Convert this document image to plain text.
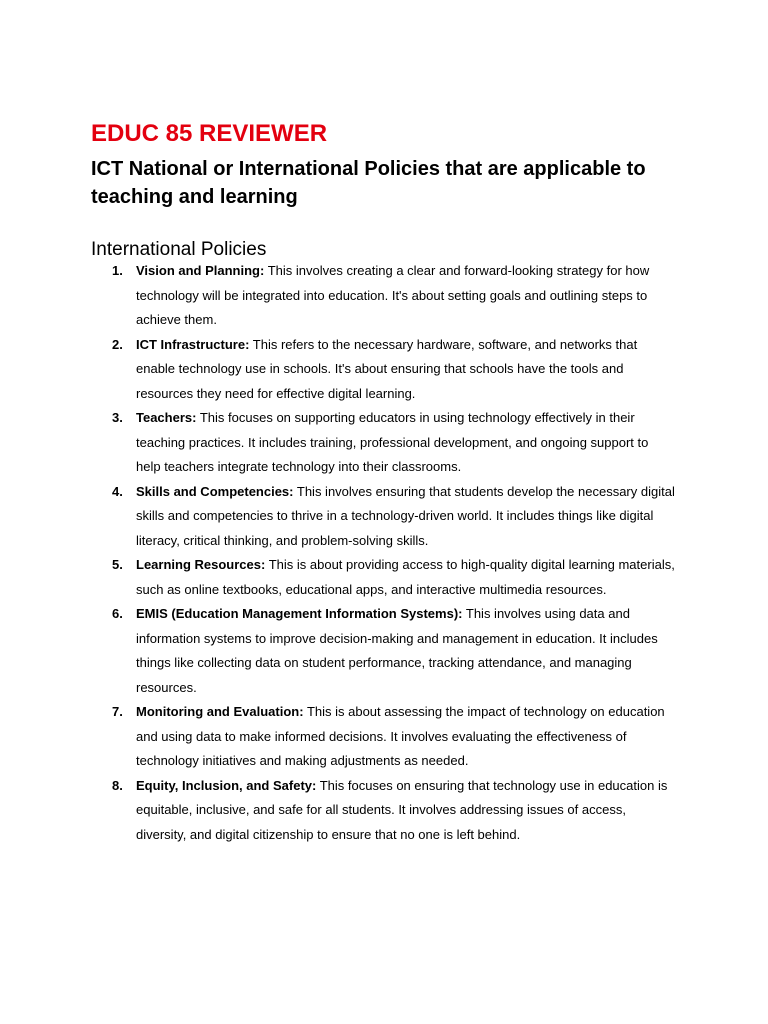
EDUC 85 REVIEWER
ICT National or International Policies that are applicable to teaching and learning
International Policies
1. Vision and Planning: This involves creating a clear and forward-looking strategy for how technology will be integrated into education. It's about setting goals and outlining steps to achieve them.
2. ICT Infrastructure: This refers to the necessary hardware, software, and networks that enable technology use in schools. It's about ensuring that schools have the tools and resources they need for effective digital learning.
3. Teachers: This focuses on supporting educators in using technology effectively in their teaching practices. It includes training, professional development, and ongoing support to help teachers integrate technology into their classrooms.
4. Skills and Competencies: This involves ensuring that students develop the necessary digital skills and competencies to thrive in a technology-driven world. It includes things like digital literacy, critical thinking, and problem-solving skills.
5. Learning Resources: This is about providing access to high-quality digital learning materials, such as online textbooks, educational apps, and interactive multimedia resources.
6. EMIS (Education Management Information Systems): This involves using data and information systems to improve decision-making and management in education. It includes things like collecting data on student performance, tracking attendance, and managing resources.
7. Monitoring and Evaluation: This is about assessing the impact of technology on education and using data to make informed decisions. It involves evaluating the effectiveness of technology initiatives and making adjustments as needed.
8. Equity, Inclusion, and Safety: This focuses on ensuring that technology use in education is equitable, inclusive, and safe for all students. It involves addressing issues of access, diversity, and digital citizenship to ensure that no one is left behind.
